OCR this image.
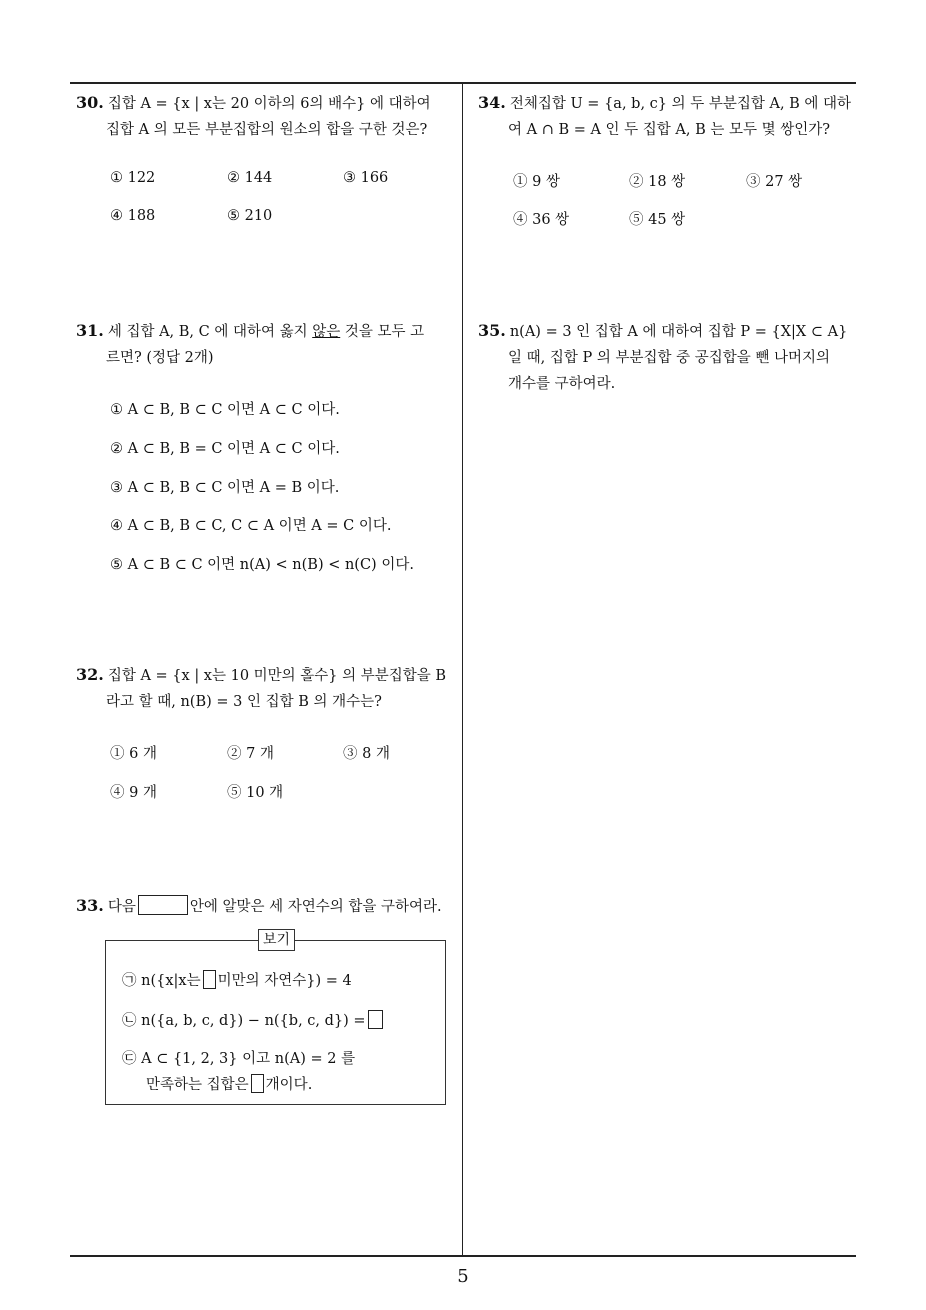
30. 집합 A = {x | x는 20 이하의 6의 배수} 에 대하여
집합 A 의 모든 부분집합의 원소의 합을 구한 것은?
① 122	② 144	③ 166
④ 188	⑤ 210
31. 세 집합 A, B, C 에 대하여 옳지 않은 것을 모두 고
르면? (정답 2개)
① A ⊂ B, B ⊂ C 이면 A ⊂ C 이다.
② A ⊂ B, B = C 이면 A ⊂ C 이다.
③ A ⊂ B, B ⊂ C 이면 A = B 이다.
④ A ⊂ B, B ⊂ C, C ⊂ A 이면 A = C 이다.
⑤ A ⊂ B ⊂ C 이면 n(A) < n(B) < n(C) 이다.
32. 집합 A = {x | x는 10 미만의 홀수} 의 부분집합을 B
라고 할 때, n(B) = 3 인 집합 B 의 개수는?
① 6 개	② 7 개	③ 8 개
④ 9 개	⑤ 10 개
33. 다음	안에 알맞은 세 자연수의 합을 구하여라.
보기
㉠ n({x|x는 미만의 자연수}) = 4
㉡ n({a, b, c, d}) − n({b, c, d}) =
㉢ A ⊂ {1, 2, 3} 이고 n(A) = 2 를
만족하는 집합은 개이다.
34. 전체집합 U = {a, b, c} 의 두 부분집합 A, B 에 대하
여 A ∩ B = A 인 두 집합 A, B 는 모두 몇 쌍인가?
① 9 쌍	② 18 쌍	③ 27 쌍
④ 36 쌍	⑤ 45 쌍
35. n(A) = 3 인 집합 A 에 대하여 집합 P = {X|X ⊂ A}
일 때, 집합 P 의 부분집합 중 공집합을 뺀 나머지의
개수를 구하여라.
5
